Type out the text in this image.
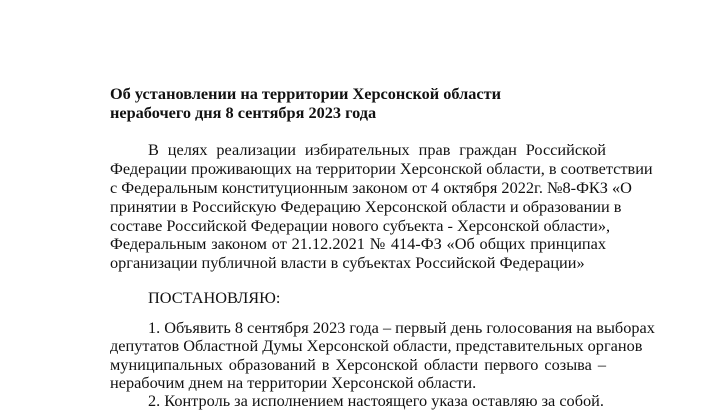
Об установлении на территории Херсонской области
нерабочего дня 8 сентября 2023 года
В целях реализации избирательных прав граждан Российской
Федерации проживающих на территории Херсонской области, в соответствии
с Федеральным конституционным законом от 4 октября 2022г. №8-ФКЗ «О
принятии в Российскую Федерацию Херсонской области и образовании в
составе Российской Федерации нового субъекта - Херсонской области»,
Федеральным законом от 21.12.2021 № 414-ФЗ «Об общих принципах
организации публичной власти в субъектах Российской Федерации»
ПОСТАНОВЛЯЮ:
1. Объявить 8 сентября 2023 года – первый день голосования на выборах
депутатов Областной Думы Херсонской области, представительных органов
муниципальных образований в Херсонской области первого созыва –
нерабочим днем на территории Херсонской области.
2. Контроль за исполнением настоящего указа оставляю за собой.
